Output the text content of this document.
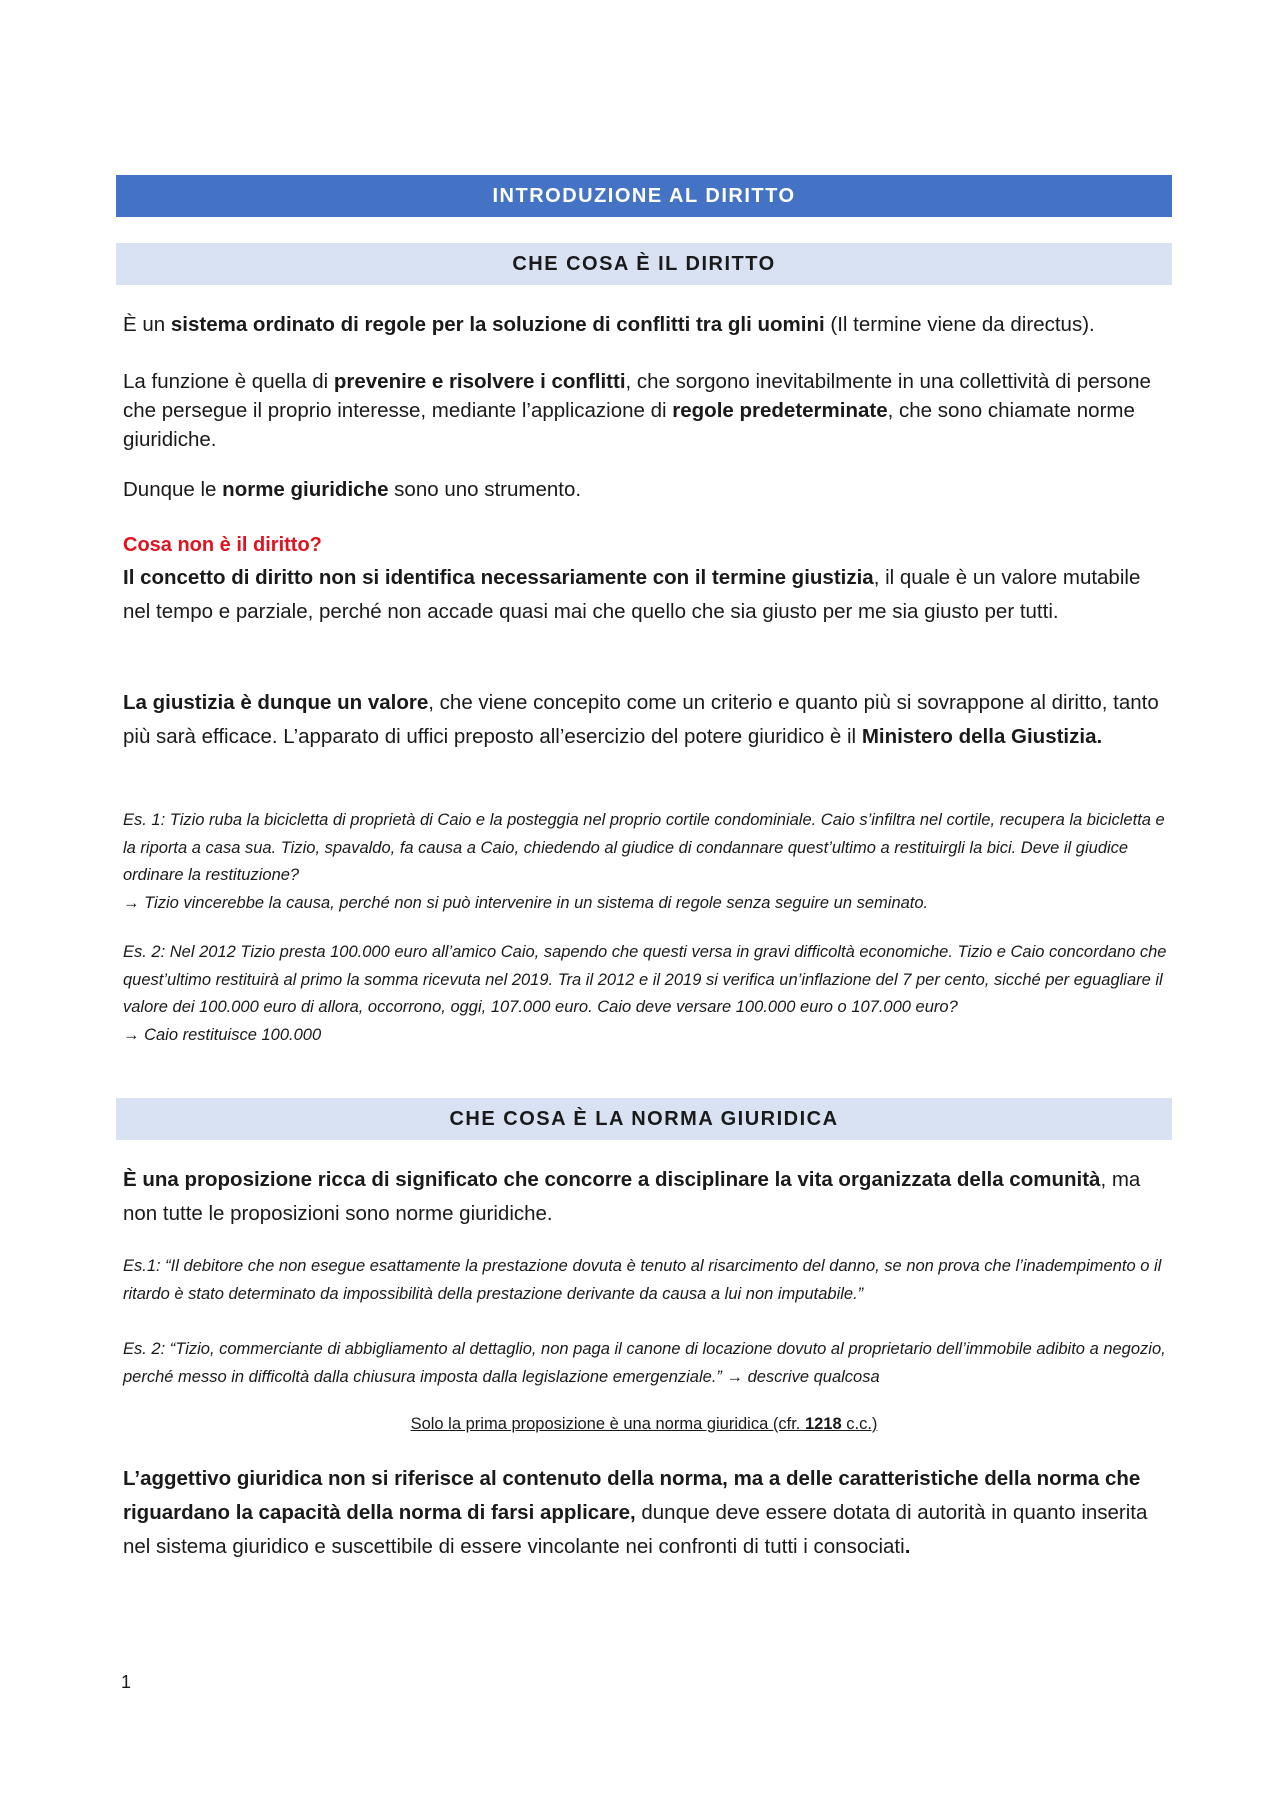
INTRODUZIONE AL DIRITTO
CHE COSA È IL DIRITTO

È un sistema ordinato di regole per la soluzione di conflitti tra gli uomini (Il termine viene da directus).

La funzione è quella di prevenire e risolvere i conflitti, che sorgono inevitabilmente in una collettività di persone che persegue il proprio interesse, mediante l’applicazione di regole predeterminate, che sono chiamate norme giuridiche.

Dunque le norme giuridiche sono uno strumento.

Cosa non è il diritto?

Il concetto di diritto non si identifica necessariamente con il termine giustizia, il quale è un valore mutabile nel tempo e parziale, perché non accade quasi mai che quello che sia giusto per me sia giusto per tutti.

La giustizia è dunque un valore, che viene concepito come un criterio e quanto più si sovrappone al diritto, tanto più sarà efficace. L’apparato di uffici preposto all’esercizio del potere giuridico è il Ministero della Giustizia.

Es. 1: Tizio ruba la bicicletta di proprietà di Caio e la posteggia nel proprio cortile condominiale. Caio s’infiltra nel cortile, recupera la bicicletta e la riporta a casa sua. Tizio, spavaldo, fa causa a Caio, chiedendo al giudice di condannare quest’ultimo a restituirgli la bici. Deve il giudice ordinare la restituzione?

→ Tizio vincerebbe la causa, perché non si può intervenire in un sistema di regole senza seguire un seminato.

Es. 2: Nel 2012 Tizio presta 100.000 euro all’amico Caio, sapendo che questi versa in gravi difficoltà economiche. Tizio e Caio concordano che quest’ultimo restituirà al primo la somma ricevuta nel 2019. Tra il 2012 e il 2019 si verifica un’inflazione del 7 per cento, sicché per eguagliare il valore dei 100.000 euro di allora, occorrono, oggi, 107.000 euro. Caio deve versare 100.000 euro o 107.000 euro?

→ Caio restituisce 100.000

CHE COSA È LA NORMA GIURIDICA

È una proposizione ricca di significato che concorre a disciplinare la vita organizzata della comunità, ma non tutte le proposizioni sono norme giuridiche.

Es.1: “Il debitore che non esegue esattamente la prestazione dovuta è tenuto al risarcimento del danno, se non prova che l’inadempimento o il ritardo è stato determinato da impossibilità della prestazione derivante da causa a lui non imputabile.”

Es. 2: “Tizio, commerciante di abbigliamento al dettaglio, non paga il canone di locazione dovuto al proprietario dell’immobile adibito a negozio, perché messo in difficoltà dalla chiusura imposta dalla legislazione emergenziale.” → descrive qualcosa

Solo la prima proposizione è una norma giuridica (cfr. 1218 c.c.)

L’aggettivo giuridica non si riferisce al contenuto della norma, ma a delle caratteristiche della norma che riguardano la capacità della norma di farsi applicare, dunque deve essere dotata di autorità in quanto inserita nel sistema giuridico e suscettibile di essere vincolante nei confronti di tutti i consociati.

1
